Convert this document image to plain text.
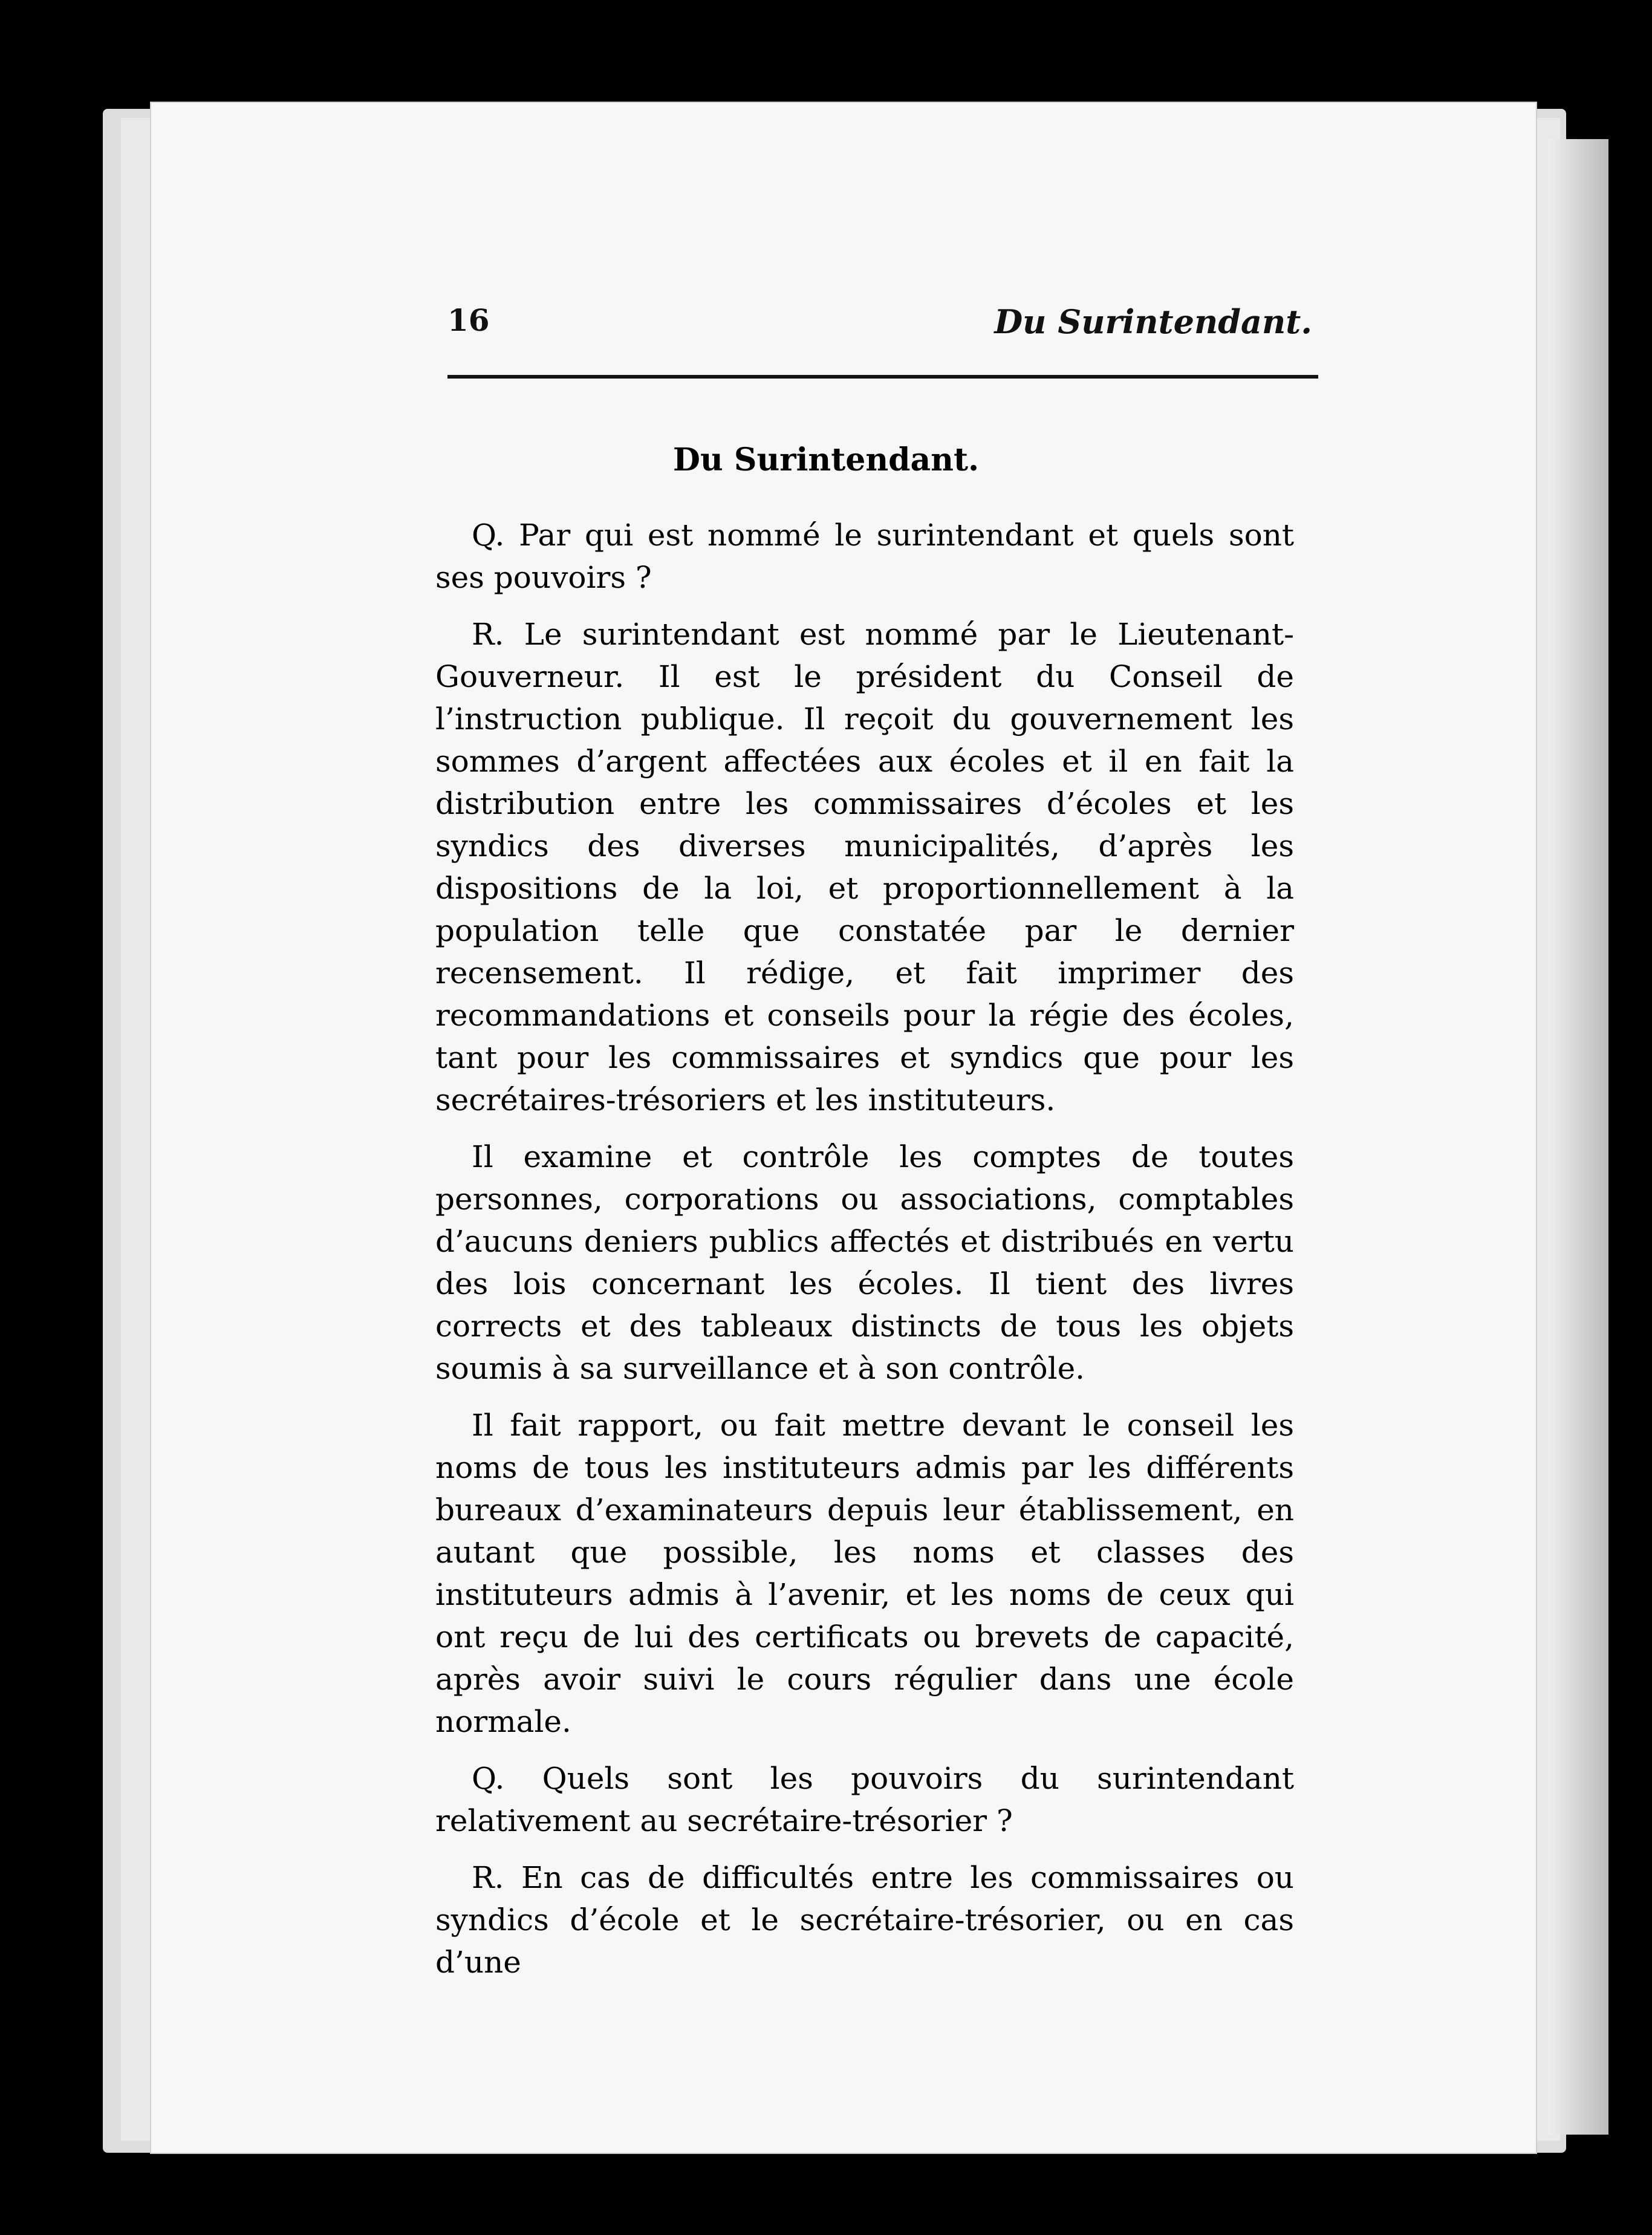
16	Du Surintendant.
Du Surintendant.

Q. Par qui est nommé le surintendant et quels sont ses pouvoirs ?

R. Le surintendant est nommé par le Lieutenant-Gouverneur. Il est le président du Conseil de l’instruction publique. Il reçoit du gouvernement les sommes d’argent affectées aux écoles et il en fait la distribution entre les commissaires d’écoles et les syndics des diverses municipalités, d’après les dispositions de la loi, et proportionnellement à la population telle que constatée par le dernier recensement. Il rédige, et fait imprimer des recommandations et conseils pour la régie des écoles, tant pour les commissaires et syndics que pour les secrétaires-trésoriers et les instituteurs.

Il examine et contrôle les comptes de toutes personnes, corporations ou associations, comptables d’aucuns deniers publics affectés et distribués en vertu des lois concernant les écoles. Il tient des livres corrects et des tableaux distincts de tous les objets soumis à sa surveillance et à son contrôle.

Il fait rapport, ou fait mettre devant le conseil les noms de tous les instituteurs admis par les différents bureaux d’examinateurs depuis leur établissement, en autant que possible, les noms et classes des instituteurs admis à l’avenir, et les noms de ceux qui ont reçu de lui des certificats ou brevets de capacité, après avoir suivi le cours régulier dans une école normale.

Q. Quels sont les pouvoirs du surintendant relativement au secrétaire-trésorier ?

R. En cas de difficultés entre les commissaires ou syndics d’école et le secrétaire-trésorier, ou en cas d’une
